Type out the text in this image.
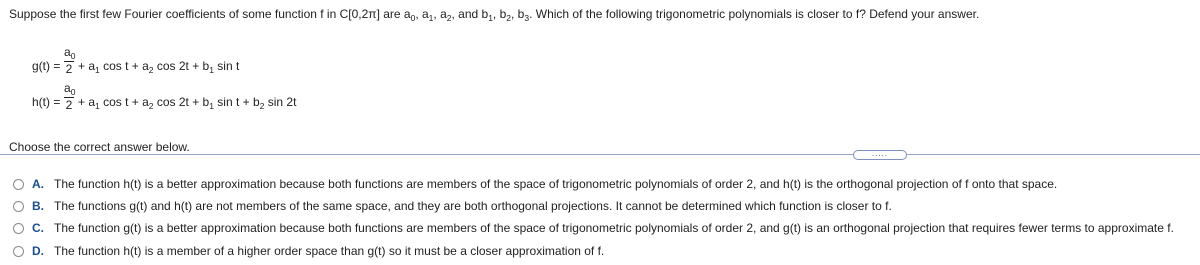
Suppose the first few Fourier coefficients of some function f in C[0,2π] are $a_0$, $a_1$, $a_2$, and $b_1$, $b_2$, $b_3$. Which of the following trigonometric polynomials is closer to f? Defend your answer.
g(t) =
$a_0$
$2 + a_1$ $\cos t + a_2$ $\cos 2t + b_1$ sin t
h(t) =
$a_0$
$2 + a_1$ $\cos t + a_2$ $\cos 2t + b_1$ $\sin t + b_2$ sin 2t
.....
Choose the correct answer below.
A. The function h(t) is a better approximation because both functions are members of the space of trigonometric polynomials of order 2, and h(t) is the orthogonal projection of f onto that space.
B. The functions g(t) and h(t) are not members of the same space, and they are both orthogonal projections. It cannot be determined which function is closer to f.
C. The function g(t) is a better approximation because both functions are members of the space of trigonometric polynomials of order 2, and g(t) is an orthogonal projection that requires fewer terms to approximate f.
D. The function h(t) is a member of a higher order space than g(t) so it must be a closer approximation of f.
